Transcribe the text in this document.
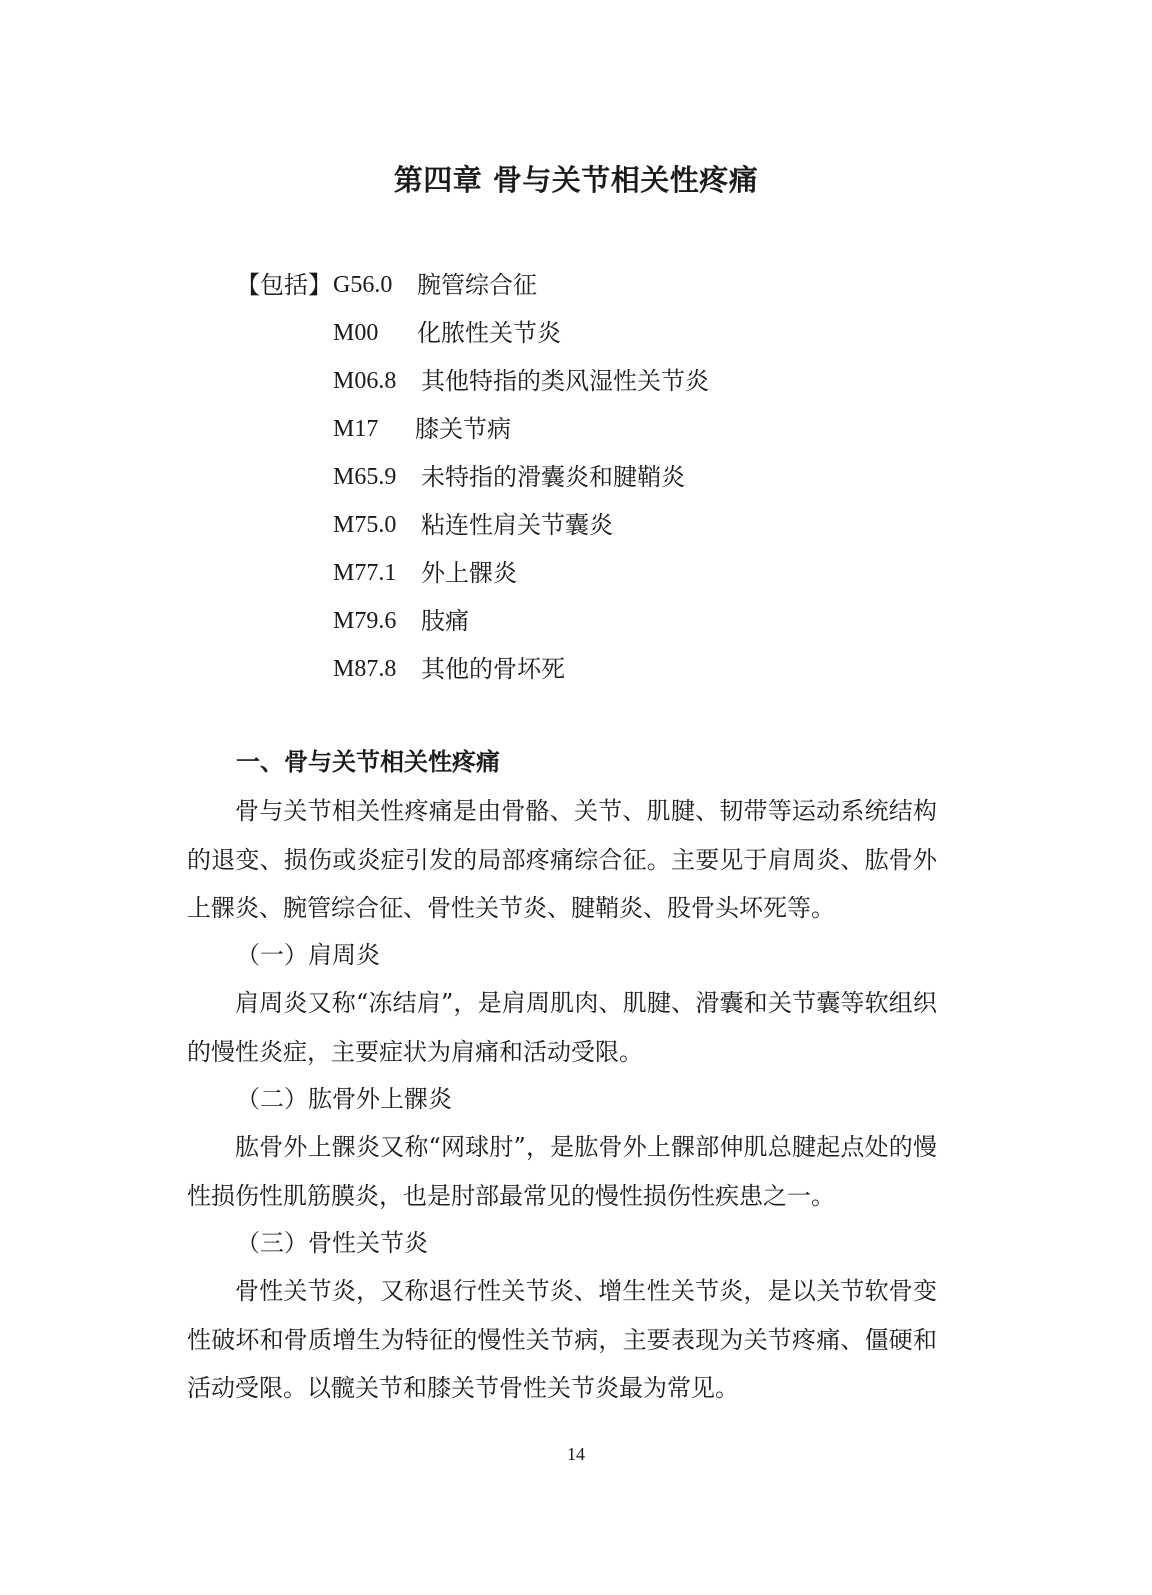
第四章 骨与关节相关性疼痛
【包括】 G56.0 腕管综合征
M00 化脓性关节炎
M06.8 其他特指的类风湿性关节炎
M17 膝关节病
M65.9 未特指的滑囊炎和腱鞘炎
M75.0 粘连性肩关节囊炎
M77.1 外上髁炎
M79.6 肢痛
M87.8 其他的骨坏死
一、骨与关节相关性疼痛

骨与关节相关性疼痛是由骨骼、关节、肌腱、韧带等运动系统结构的退变、损伤或炎症引发的局部疼痛综合征。主要见于肩周炎、肱骨外上髁炎、腕管综合征、骨性关节炎、腱鞘炎、股骨头坏死等。

（一）肩周炎

肩周炎又称“冻结肩”，是肩周肌肉、肌腱、滑囊和关节囊等软组织的慢性炎症，主要症状为肩痛和活动受限。

（二）肱骨外上髁炎

肱骨外上髁炎又称“网球肘”，是肱骨外上髁部伸肌总腱起点处的慢性损伤性肌筋膜炎，也是肘部最常见的慢性损伤性疾患之一。

（三）骨性关节炎

骨性关节炎，又称退行性关节炎、增生性关节炎，是以关节软骨变性破坏和骨质增生为特征的慢性关节病，主要表现为关节疼痛、僵硬和活动受限。以髋关节和膝关节骨性关节炎最为常见。

14
